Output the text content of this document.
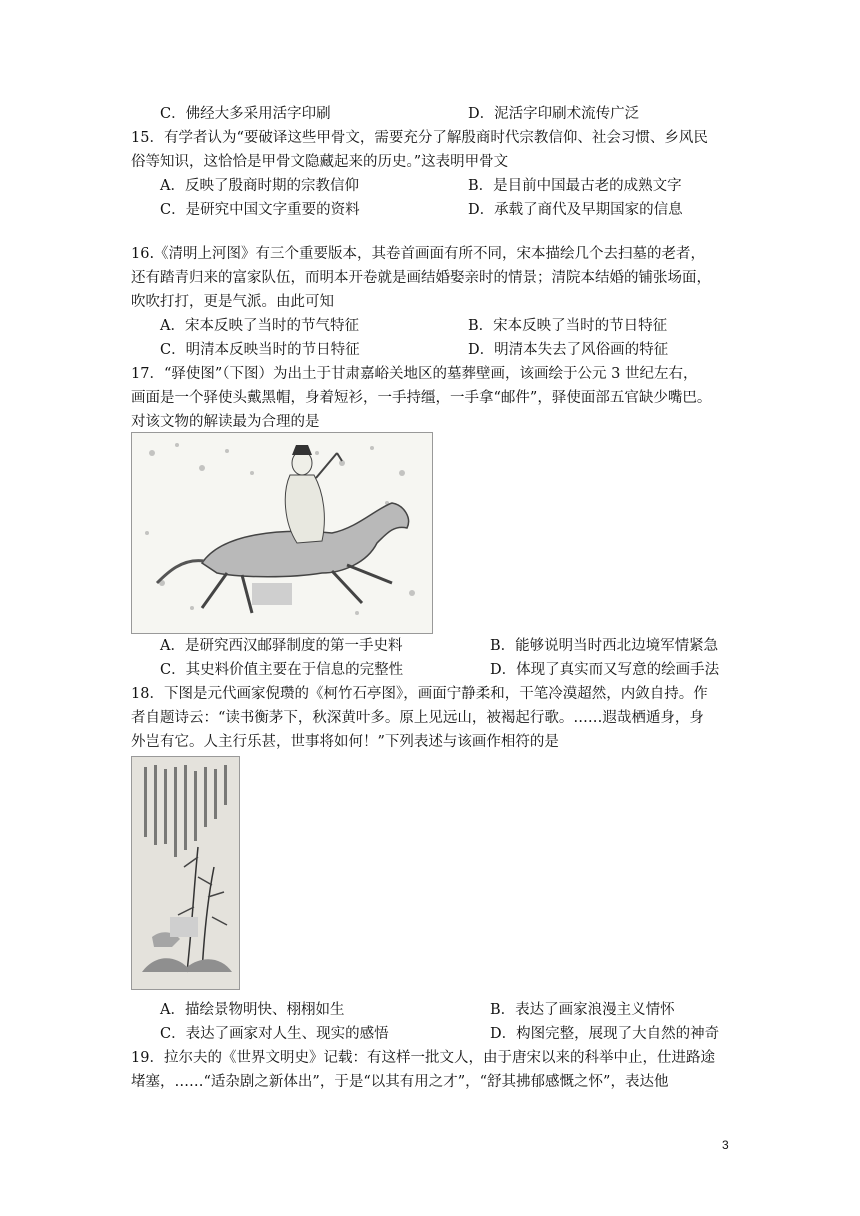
C．佛经大多采用活字印刷	D．泥活字印刷术流传广泛
15．有学者认为“要破译这些甲骨文，需要充分了解殷商时代宗教信仰、社会习惯、乡风民
俗等知识，这恰恰是甲骨文隐藏起来的历史。”这表明甲骨文
A．反映了殷商时期的宗教信仰	B．是目前中国最古老的成熟文字
C．是研究中国文字重要的资料	D．承载了商代及早期国家的信息
16.《清明上河图》有三个重要版本，其卷首画面有所不同，宋本描绘几个去扫墓的老者，
还有踏青归来的富家队伍，而明本开卷就是画结婚娶亲时的情景；清院本结婚的铺张场面，
吹吹打打，更是气派。由此可知
A．宋本反映了当时的节气特征	B．宋本反映了当时的节日特征
C．明清本反映当时的节日特征	D．明清本失去了风俗画的特征
17．“驿使图”（下图）为出土于甘肃嘉峪关地区的墓葬壁画，该画绘于公元 3 世纪左右，
画面是一个驿使头戴黑帽，身着短衫，一手持缰，一手拿“邮件”，驿使面部五官缺少嘴巴。
对该文物的解读最为合理的是
A．是研究西汉邮驿制度的第一手史料	B．能够说明当时西北边境军情紧急
C．其史料价值主要在于信息的完整性	D．体现了真实而又写意的绘画手法
18．下图是元代画家倪瓒的《柯竹石亭图》，画面宁静柔和，干笔冷漠超然，内敛自持。作
者自题诗云：“读书衡茅下，秋深黄叶多。原上见远山，被褐起行歌。……遐哉栖遁身，身
外岂有它。人主行乐甚，世事将如何！”下列表述与该画作相符的是
A．描绘景物明快、栩栩如生	B．表达了画家浪漫主义情怀
C．表达了画家对人生、现实的感悟	D．构图完整，展现了大自然的神奇
19．拉尔夫的《世界文明史》记载：有这样一批文人，由于唐宋以来的科举中止，仕进路途
堵塞，……“适杂剧之新体出”，于是“以其有用之才”，“舒其拂郁感慨之怀”，表达他
3
